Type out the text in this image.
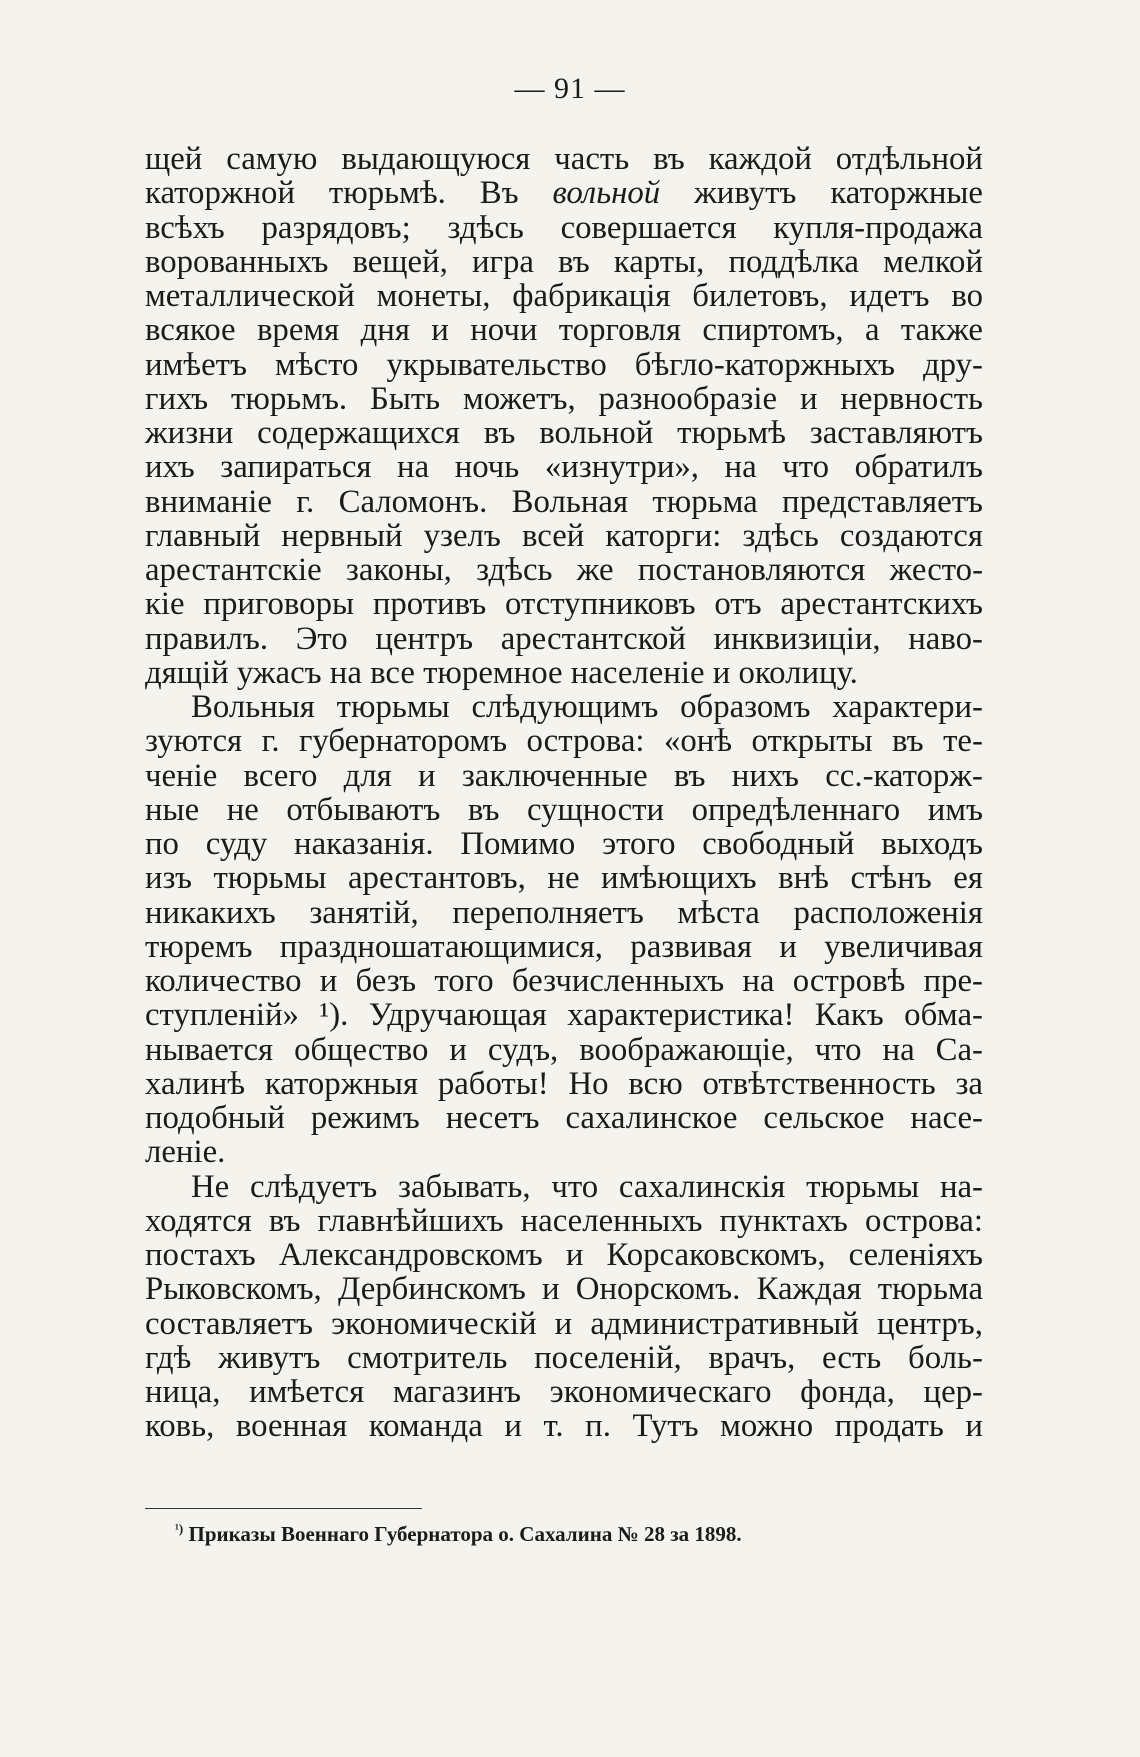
— 91 —
щей самую выдающуюся часть въ каждой отдѣльной
каторжной тюрьмѣ. Въ вольной живутъ каторжные
всѣхъ разрядовъ; здѣсь совершается купля-продажа
ворованныхъ вещей, игра въ карты, поддѣлка мелкой
металлической монеты, фабрикація билетовъ, идетъ во
всякое время дня и ночи торговля спиртомъ, а также
имѣетъ мѣсто укрывательство бѣгло-каторжныхъ дру-
гихъ тюрьмъ. Быть можетъ, разнообразіе и нервность
жизни содержащихся въ вольной тюрьмѣ заставляютъ
ихъ запираться на ночь «изнутри», на что обратилъ
вниманіе г. Саломонъ. Вольная тюрьма представляетъ
главный нервный узелъ всей каторги: здѣсь создаются
арестантскіе законы, здѣсь же постановляются жесто-
кіе приговоры противъ отступниковъ отъ арестантскихъ
правилъ. Это центръ арестантской инквизиціи, наво-
дящій ужасъ на все тюремное населеніе и околицу.
Вольныя тюрьмы слѣдующимъ образомъ характери-
зуются г. губернаторомъ острова: «онѣ открыты въ те-
ченіе всего для и заключенные въ нихъ сс.-каторж-
ные не отбываютъ въ сущности опредѣленнаго имъ
по суду наказанія. Помимо этого свободный выходъ
изъ тюрьмы арестантовъ, не имѣющихъ внѣ стѣнъ ея
никакихъ занятій, переполняетъ мѣста расположенія
тюремъ праздношатающимися, развивая и увеличивая
количество и безъ того безчисленныхъ на островѣ пре-
ступленій» ¹). Удручающая характеристика! Какъ обма-
нывается общество и судъ, воображающіе, что на Са-
халинѣ каторжныя работы! Но всю отвѣтственность за
подобный режимъ несетъ сахалинское сельское насе-
леніе.
Не слѣдуетъ забывать, что сахалинскія тюрьмы на-
ходятся въ главнѣйшихъ населенныхъ пунктахъ острова:
постахъ Александровскомъ и Корсаковскомъ, селеніяхъ
Рыковскомъ, Дербинскомъ и Онорскомъ. Каждая тюрьма
составляетъ экономическій и административный центръ,
гдѣ живутъ смотритель поселеній, врачъ, есть боль-
ница, имѣется магазинъ экономическаго фонда, цер-
ковь, военная команда и т. п. Тутъ можно продать и
$^{^1)}$ Приказы Военнаго Губернатора о. Сахалина № 28 за 1898.
